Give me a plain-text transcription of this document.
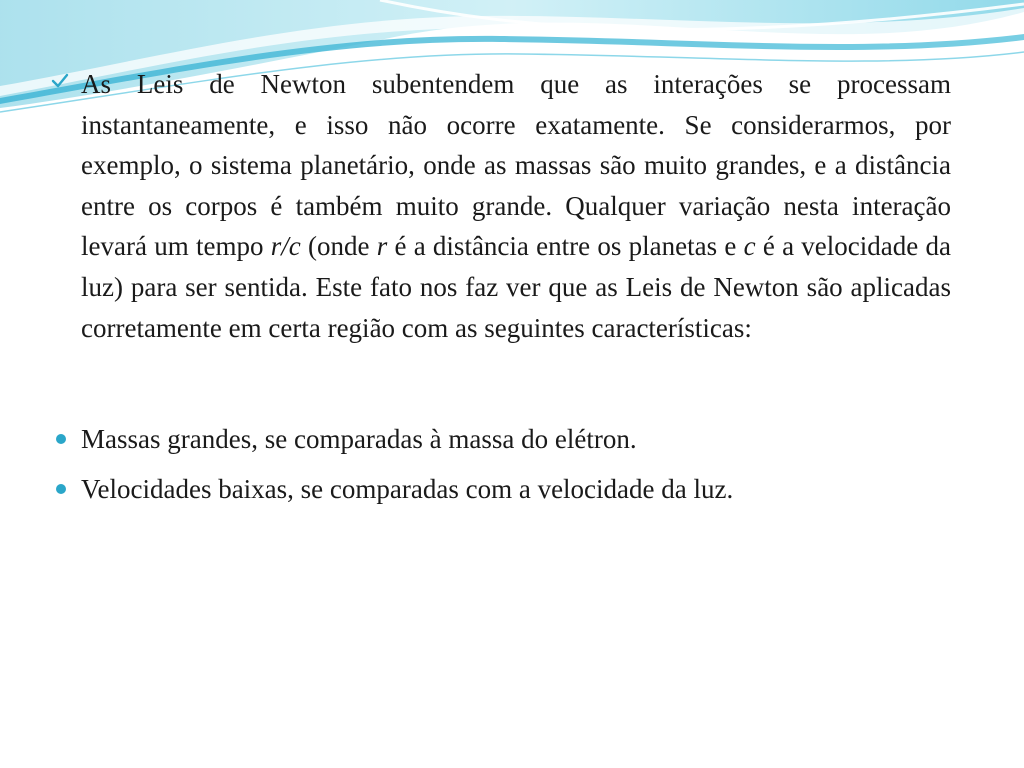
As Leis de Newton subentendem que as interações se processam instantaneamente, e isso não ocorre exatamente. Se considerarmos, por exemplo, o sistema planetário, onde as massas são muito grandes, e a distância entre os corpos é também muito grande. Qualquer variação nesta interação levará um tempo r/c (onde r é a distância entre os planetas e c é a velocidade da luz) para ser sentida. Este fato nos faz ver que as Leis de Newton são aplicadas corretamente em certa região com as seguintes características:
Massas grandes, se comparadas à massa do elétron.
Velocidades baixas, se comparadas com a velocidade da luz.
